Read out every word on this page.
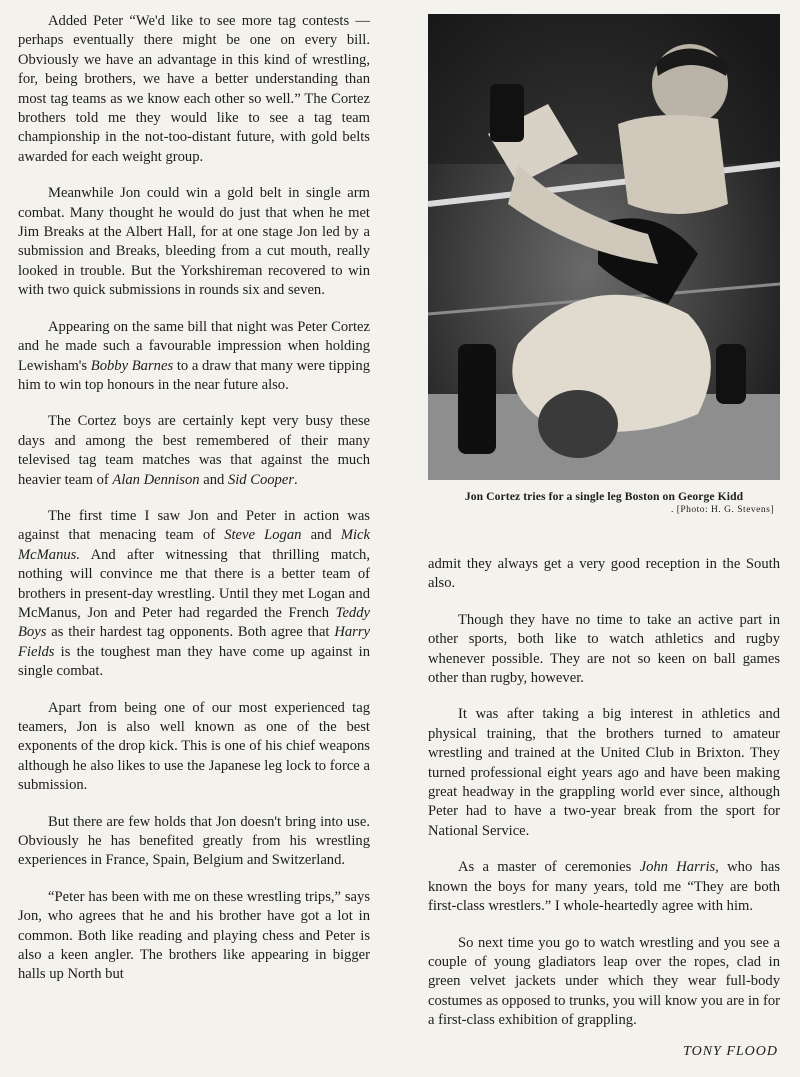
Added Peter “We'd like to see more tag contests —perhaps eventually there might be one on every bill. Obviously we have an advantage in this kind of wrestling, for, being brothers, we have a better understanding than most tag teams as we know each other so well.” The Cortez brothers told me they would like to see a tag team championship in the not-too-distant future, with gold belts awarded for each weight group.

Meanwhile Jon could win a gold belt in single arm combat. Many thought he would do just that when he met Jim Breaks at the Albert Hall, for at one stage Jon led by a submission and Breaks, bleeding from a cut mouth, really looked in trouble. But the Yorkshireman recovered to win with two quick submissions in rounds six and seven.

Appearing on the same bill that night was Peter Cortez and he made such a favourable impression when holding Lewisham's Bobby Barnes to a draw that many were tipping him to win top honours in the near future also.

The Cortez boys are certainly kept very busy these days and among the best remembered of their many televised tag team matches was that against the much heavier team of Alan Dennison and Sid Cooper.

The first time I saw Jon and Peter in action was against that menacing team of Steve Logan and Mick McManus. And after witnessing that thrilling match, nothing will convince me that there is a better team of brothers in present-day wrestling. Until they met Logan and McManus, Jon and Peter had regarded the French Teddy Boys as their hardest tag opponents. Both agree that Harry Fields is the toughest man they have come up against in single combat.

Apart from being one of our most experienced tag teamers, Jon is also well known as one of the best exponents of the drop kick. This is one of his chief weapons although he also likes to use the Japanese leg lock to force a submission.

But there are few holds that Jon doesn't bring into use. Obviously he has benefited greatly from his wrestling experiences in France, Spain, Belgium and Switzerland.

“Peter has been with me on these wrestling trips,” says Jon, who agrees that he and his brother have got a lot in common. Both like reading and playing chess and Peter is also a keen angler. The brothers like appearing in bigger halls up North but

Jon Cortez tries for a single leg Boston on George Kidd
. [Photo: H. G. Stevens]

admit they always get a very good reception in the South also.

Though they have no time to take an active part in other sports, both like to watch athletics and rugby whenever possible. They are not so keen on ball games other than rugby, however.

It was after taking a big interest in athletics and physical training, that the brothers turned to amateur wrestling and trained at the United Club in Brixton. They turned professional eight years ago and have been making great headway in the grappling world ever since, although Peter had to have a two-year break from the sport for National Service.

As a master of ceremonies John Harris, who has known the boys for many years, told me “They are both first-class wrestlers.” I whole-heartedly agree with him.

So next time you go to watch wrestling and you see a couple of young gladiators leap over the ropes, clad in green velvet jackets under which they wear full-body costumes as opposed to trunks, you will know you are in for a first-class exhibition of grappling.

TONY FLOOD
